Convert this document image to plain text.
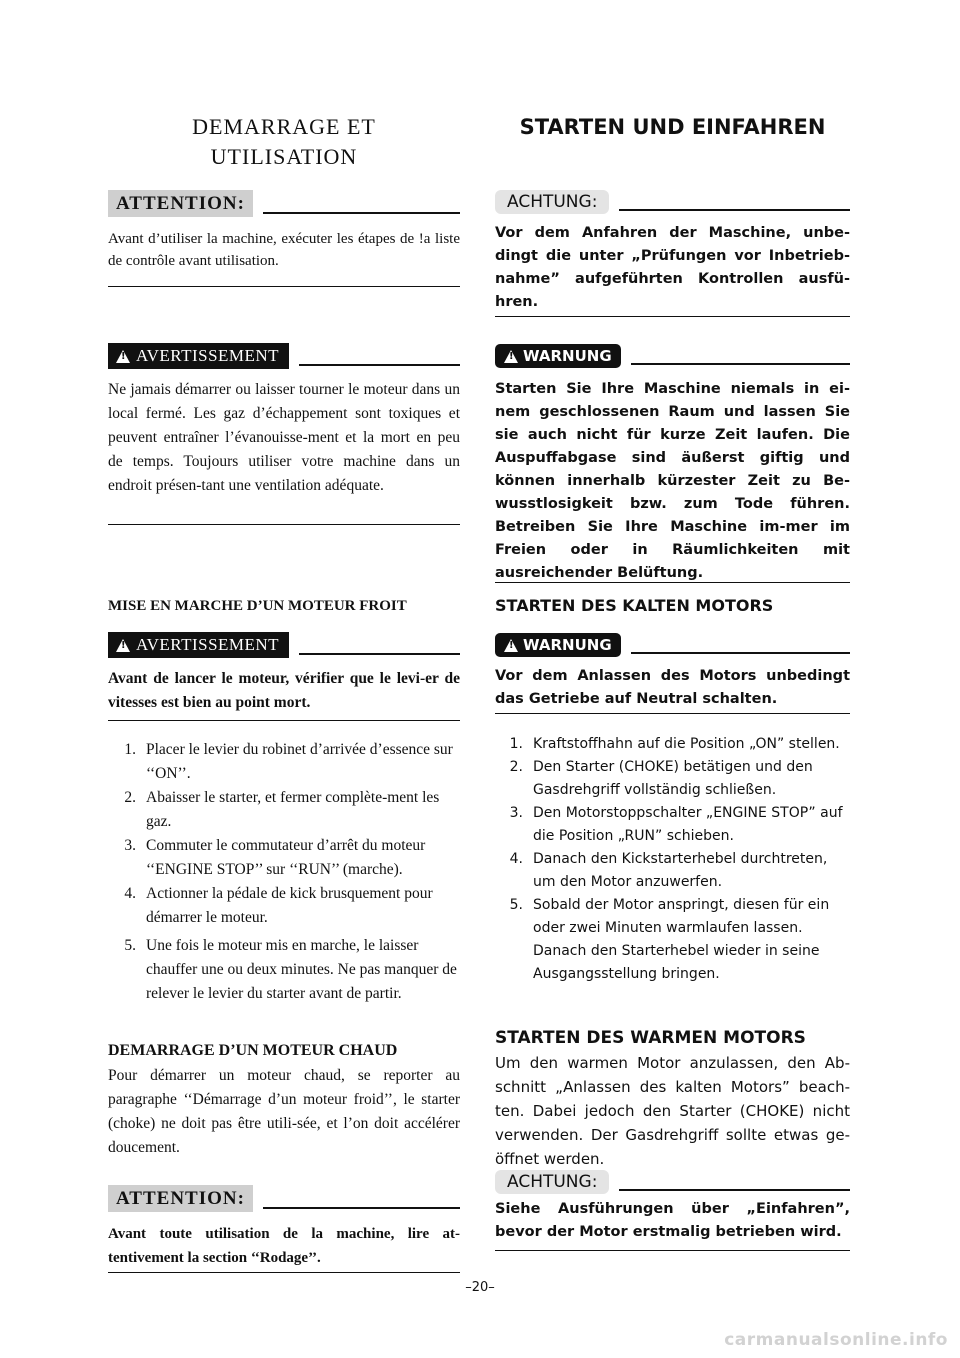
DEMARRAGE ET
UTILISATION
ATTENTION:
Avant d’utiliser la machine, exécuter les étapes de !a liste de contrôle avant utilisation.
!
AVERTISSEMENT
Ne jamais démarrer ou laisser tourner le moteur dans un local fermé. Les gaz d’échappement sont toxiques et peuvent entraîner l’évanouisse-ment et la mort en peu de temps. Toujours utiliser votre machine dans un endroit présen-tant une ventilation adéquate.
MISE EN MARCHE D’UN MOTEUR FROIT
!
AVERTISSEMENT
Avant de lancer le moteur, vérifier que le levi-er de vitesses est bien au point mort.
1. Placer le levier du robinet d’arrivée d’essence sur ‘‘ON’’.
2. Abaisser le starter, et fermer complète-ment les gaz.
3. Commuter le commutateur d’arrêt du moteur ‘‘ENGINE STOP’’ sur ‘‘RUN’’ (marche).
4. Actionner la pédale de kick brusquement pour démarrer le moteur.
5. Une fois le moteur mis en marche, le laisser chauffer une ou deux minutes. Ne pas manquer de relever le levier du starter avant de partir.
DEMARRAGE D’UN MOTEUR CHAUD
Pour démarrer un moteur chaud, se reporter au paragraphe ‘‘Démarrage d’un moteur froid’’, le starter (choke) ne doit pas être utili-sée, et l’on doit accélérer doucement.
ATTENTION:
Avant toute utilisation de la machine, lire at-tentivement la section ‘‘Rodage’’.
STARTEN UND EINFAHREN
ACHTUNG:
Vor dem Anfahren der Maschine, unbe-dingt die unter „Prüfungen vor Inbetrieb-nahme” aufgeführten Kontrollen ausfü-hren.
!
WARNUNG
Starten Sie Ihre Maschine niemals in ei-nem geschlossenen Raum und lassen Sie sie auch nicht für kurze Zeit laufen. Die Auspuffabgase sind äußerst giftig und können innerhalb kürzester Zeit zu Be-wusstlosigkeit bzw. zum Tode führen. Betreiben Sie Ihre Maschine im-mer im Freien oder in Räumlichkeiten mit ausreichender Belüftung.
STARTEN DES KALTEN MOTORS
!
WARNUNG
Vor dem Anlassen des Motors unbedingt das Getriebe auf Neutral schalten.
1. Kraftstoffhahn auf die Position „ON” stellen.
2. Den Starter (CHOKE) betätigen und den Gasdrehgriff vollständig schließen.
3. Den Motorstoppschalter „ENGINE STOP” auf die Position „RUN” schieben.
4. Danach den Kickstarterhebel durchtreten, um den Motor anzuwerfen.
5. Sobald der Motor anspringt, diesen für ein oder zwei Minuten warmlaufen lassen. Danach den Starterhebel wieder in seine Ausgangsstellung bringen.
STARTEN DES WARMEN MOTORS
Um den warmen Motor anzulassen, den Ab-schnitt „Anlassen des kalten Motors” beach-ten. Dabei jedoch den Starter (CHOKE) nicht verwenden. Der Gasdrehgriff sollte etwas ge-öffnet werden.
ACHTUNG:
Siehe Ausführungen über „Einfahren”, bevor der Motor erstmalig betrieben wird.
–20–
carmanualsonline.info
